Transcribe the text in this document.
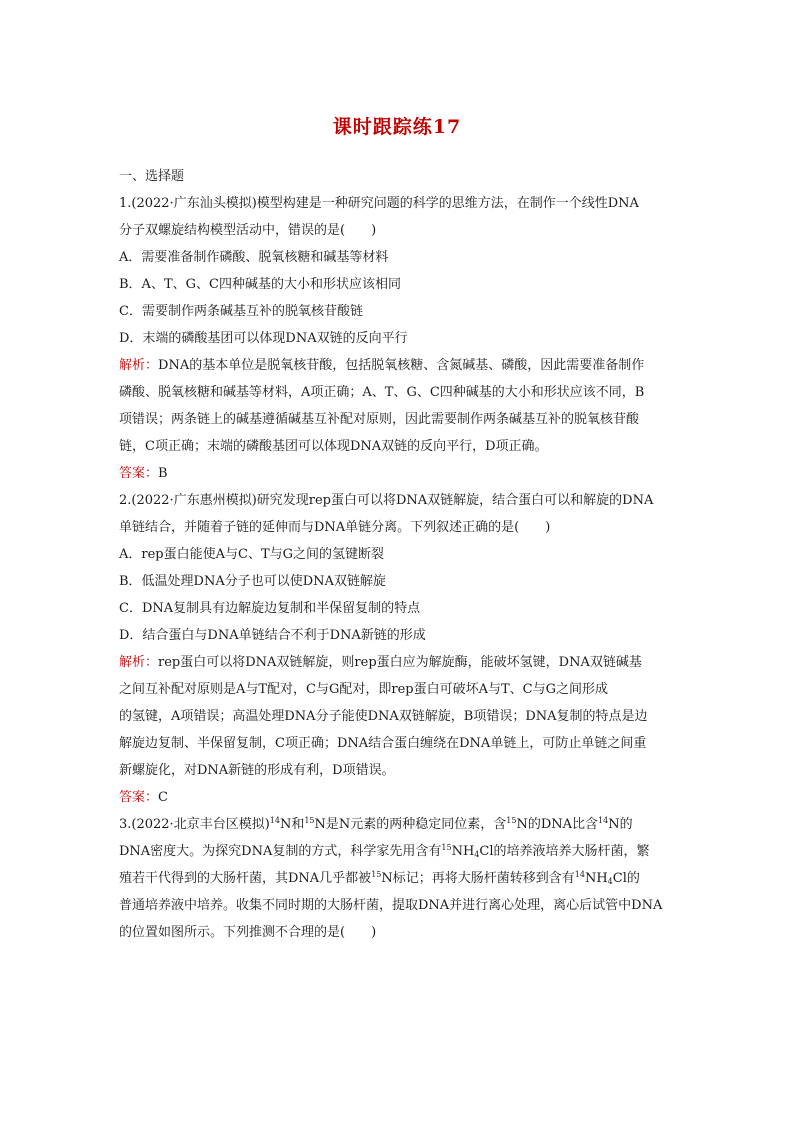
课时跟踪练17
一、选择题
1.(2022·广东汕头模拟)模型构建是一种研究问题的科学的思维方法，在制作一个线性DNA
分子双螺旋结构模型活动中，错误的是(　　)
A．需要准备制作磷酸、脱氧核糖和碱基等材料
B．A、T、G、C四种碱基的大小和形状应该相同
C．需要制作两条碱基互补的脱氧核苷酸链
D．末端的磷酸基团可以体现DNA双链的反向平行
解析：DNA的基本单位是脱氧核苷酸，包括脱氧核糖、含氮碱基、磷酸，因此需要准备制作
磷酸、脱氧核糖和碱基等材料，A项正确；A、T、G、C四种碱基的大小和形状应该不同，B
项错误；两条链上的碱基遵循碱基互补配对原则，因此需要制作两条碱基互补的脱氧核苷酸
链，C项正确；末端的磷酸基团可以体现DNA双链的反向平行，D项正确。
答案：B
2.(2022·广东惠州模拟)研究发现rep蛋白可以将DNA双链解旋，结合蛋白可以和解旋的DNA
单链结合，并随着子链的延伸而与DNA单链分离。下列叙述正确的是(　　)
A．rep蛋白能使A与C、T与G之间的氢键断裂
B．低温处理DNA分子也可以使DNA双链解旋
C．DNA复制具有边解旋边复制和半保留复制的特点
D．结合蛋白与DNA单链结合不利于DNA新链的形成
解析：rep蛋白可以将DNA双链解旋，则rep蛋白应为解旋酶，能破坏氢键，DNA双链碱基
之间互补配对原则是A与T配对，C与G配对，即rep蛋白可破坏A与T、C与G之间形成
的氢键，A项错误；高温处理DNA分子能使DNA双链解旋，B项错误；DNA复制的特点是边
解旋边复制、半保留复制，C项正确；DNA结合蛋白缠绕在DNA单链上，可防止单链之间重
新螺旋化，对DNA新链的形成有利，D项错误。
答案：C
3.(2022·北京丰台区模拟)$^{14}$N和$^{15}$N是N元素的两种稳定同位素，含$^{15}$N的DNA比含$^{14}$N的
DNA密度大。为探究DNA复制的方式，科学家先用含有$^{15}NH_4Cl$的培养液培养大肠杆菌，繁
殖若干代得到的大肠杆菌，其DNA几乎都被$^{15}$N标记；再将大肠杆菌转移到含有$^{14}NH_4Cl$的
普通培养液中培养。收集不同时期的大肠杆菌，提取DNA并进行离心处理，离心后试管中DNA
的位置如图所示。下列推测不合理的是(　　)
